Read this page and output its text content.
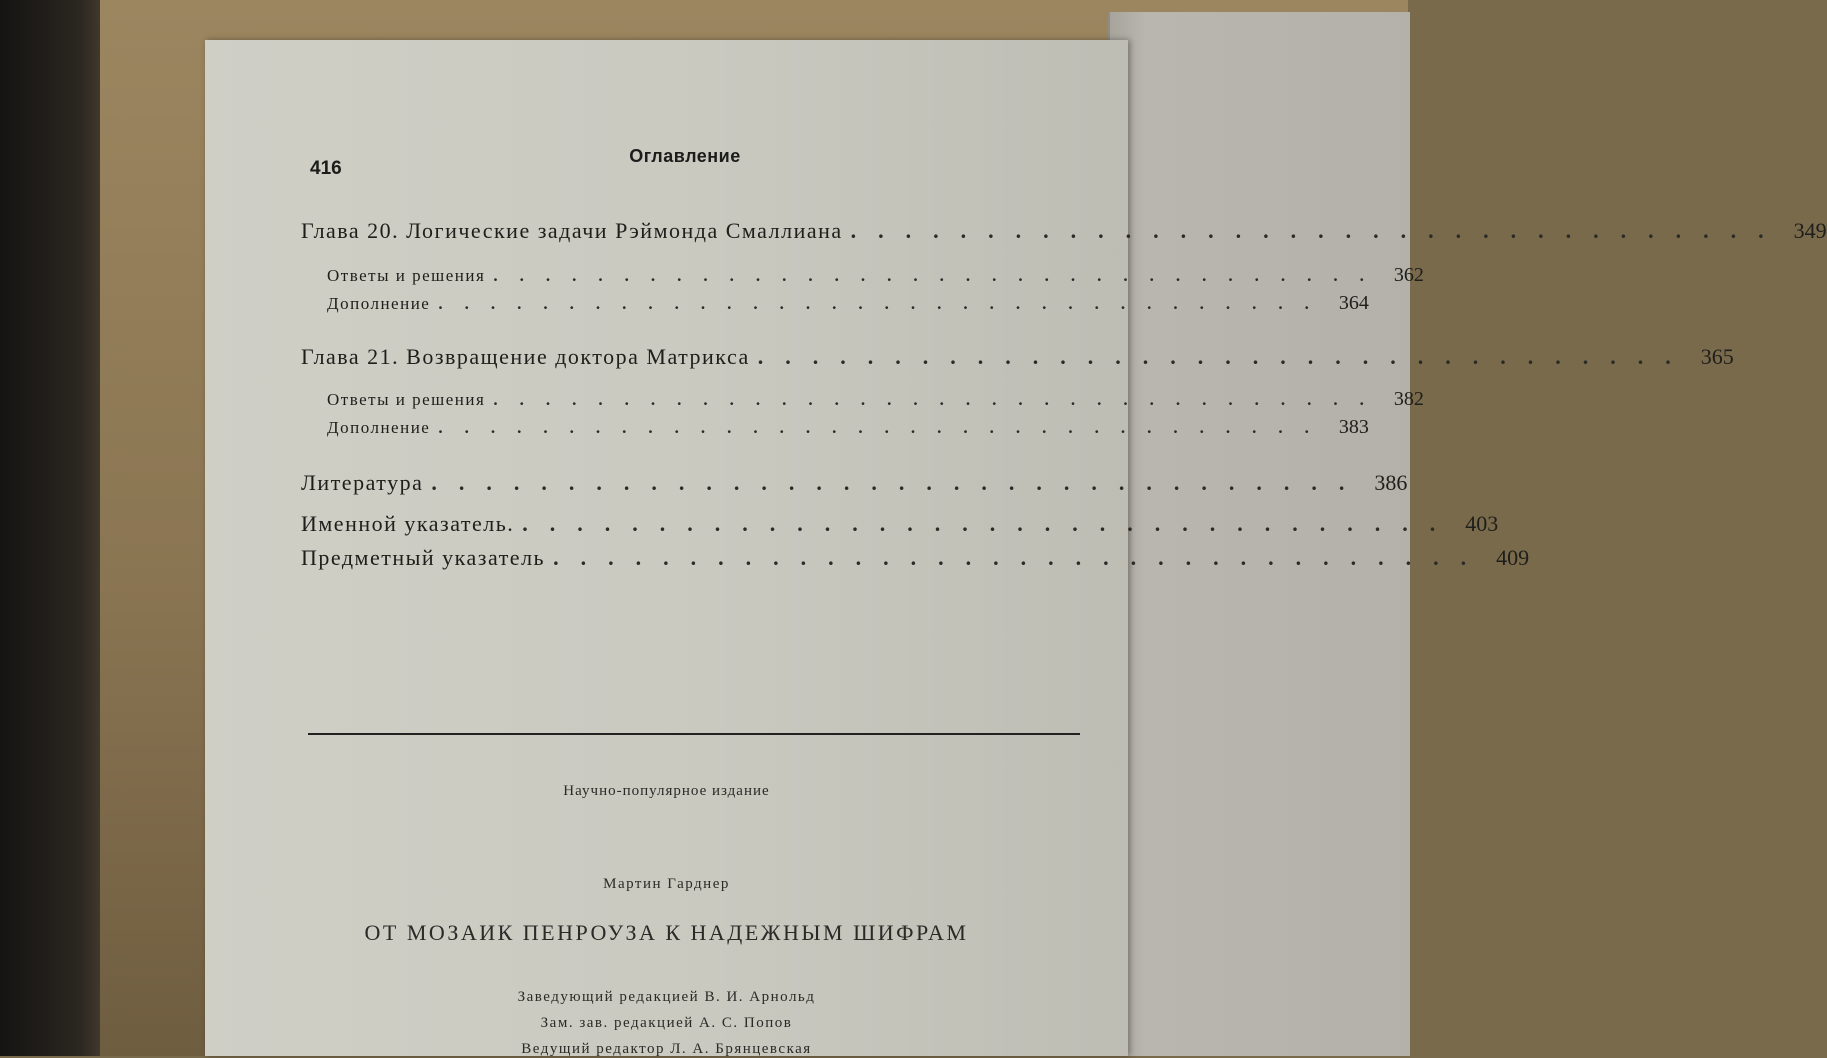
416
Оглавление
Глава 20. Логические задачи Рэймонда Смаллиана .................................. 349
Ответы и решения .................................. 362
Дополнение .................................. 364
Глава 21. Возвращение доктора Матрикса .................................. 365
Ответы и решения .................................. 382
Дополнение .................................. 383
Литература .................................. 386
Именной указатель. .................................. 403
Предметный указатель .................................. 409
Научно-популярное издание
Мартин Гарднер
ОТ МОЗАИК ПЕНРОУЗА К НАДЕЖНЫМ ШИФРАМ
Заведующий редакцией В. И. Арнольд
Зам. зав. редакцией А. С. Попов
Ведущий редактор Л. А. Брянцевская
